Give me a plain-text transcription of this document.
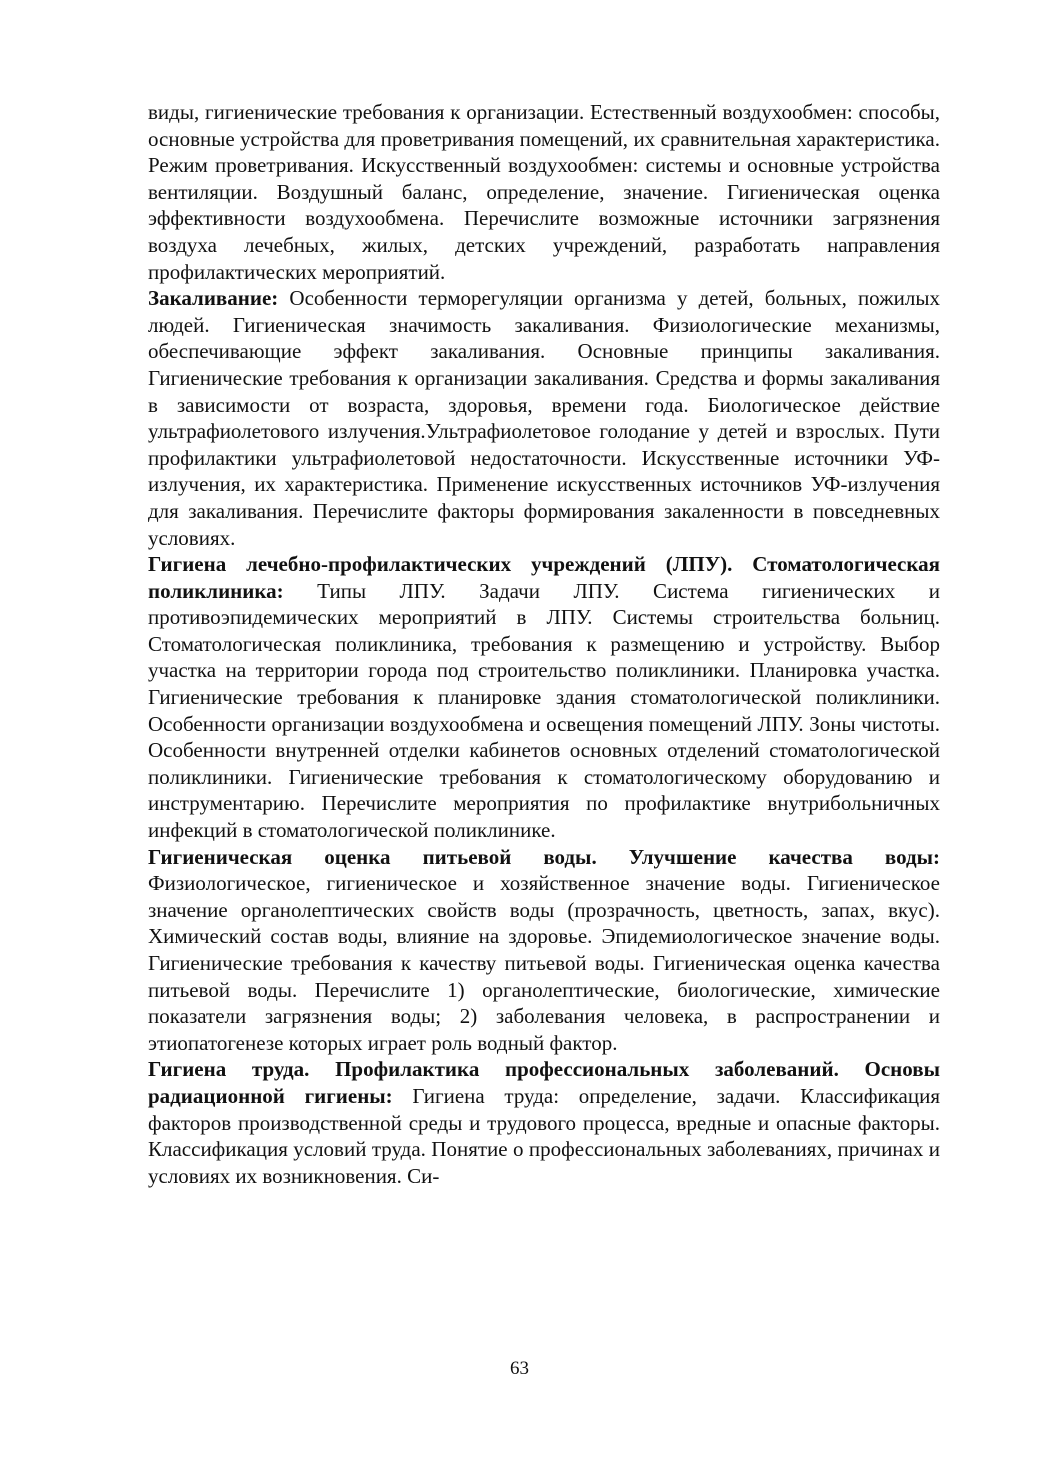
виды, гигиенические требования к организации. Естественный воздухообмен: способы, основные устройства для проветривания помещений, их сравнительная характеристика. Режим проветривания. Искусственный воздухообмен: системы и основные устройства вентиляции. Воздушный баланс, определение, значение. Гигиеническая оценка эффективности воздухообмена. Перечислите возможные источники загрязнения воздуха лечебных, жилых, детских учреждений, разработать направления профилактических мероприятий.

Закаливание: Особенности терморегуляции организма у детей, больных, пожилых людей. Гигиеническая значимость закаливания. Физиологические механизмы, обеспечивающие эффект закаливания. Основные принципы закаливания. Гигиенические требования к организации закаливания. Средства и формы закаливания в зависимости от возраста, здоровья, времени года. Биологическое действие ультрафиолетового излучения.Ультрафиолетовое голодание у детей и взрослых. Пути профилактики ультрафиолетовой недостаточности. Искусственные источники УФ-излучения, их характеристика. Применение искусственных источников УФ-излучения для закаливания. Перечислите факторы формирования закаленности в повседневных условиях.

Гигиена лечебно-профилактических учреждений (ЛПУ). Стоматологическая поликлиника: Типы ЛПУ. Задачи ЛПУ. Система гигиенических и противоэпидемических мероприятий в ЛПУ. Системы строительства больниц. Стоматологическая поликлиника, требования к размещению и устройству. Выбор участка на территории города под строительство поликлиники. Планировка участка. Гигиенические требования к планировке здания стоматологической поликлиники. Особенности организации воздухообмена и освещения помещений ЛПУ. Зоны чистоты. Особенности внутренней отделки кабинетов основных отделений стоматологической поликлиники. Гигиенические требования к стоматологическому оборудованию и инструментарию. Перечислите мероприятия по профилактике внутрибольничных инфекций в стоматологической поликлинике.

Гигиеническая оценка питьевой воды. Улучшение качества воды: Физиологическое, гигиеническое и хозяйственное значение воды. Гигиеническое значение органолептических свойств воды (прозрачность, цветность, запах, вкус). Химический состав воды, влияние на здоровье. Эпидемиологическое значение воды. Гигиенические требования к качеству питьевой воды. Гигиеническая оценка качества питьевой воды. Перечислите 1) органолептические, биологические, химические показатели загрязнения воды; 2) заболевания человека, в распространении и этиопатогенезе которых играет роль водный фактор.

Гигиена труда. Профилактика профессиональных заболеваний. Основы радиационной гигиены: Гигиена труда: определение, задачи. Классификация факторов производственной среды и трудового процесса, вредные и опасные факторы. Классификация условий труда. Понятие о профессиональных заболеваниях, причинах и условиях их возникновения. Си-

63
